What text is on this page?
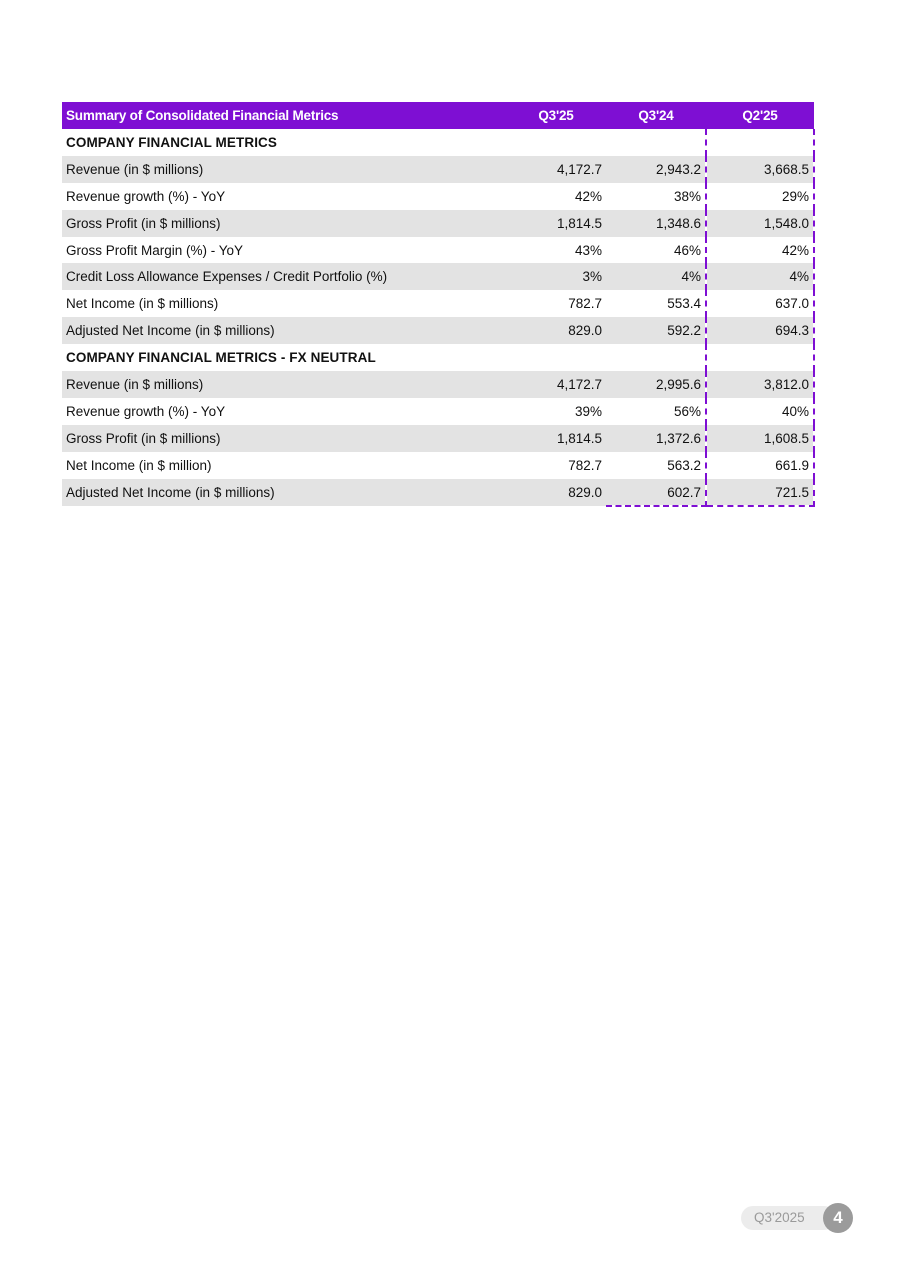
Summary of Consolidated Financial Metrics	Q3'25	Q3'24	Q2'25
COMPANY FINANCIAL METRICS			
Revenue (in $ millions)	4,172.7	2,943.2	3,668.5
Revenue growth (%) - YoY	42%	38%	29%
Gross Profit (in $ millions)	1,814.5	1,348.6	1,548.0
Gross Profit Margin (%) - YoY	43%	46%	42%
Credit Loss Allowance Expenses / Credit Portfolio (%)	3%	4%	4%
Net Income (in $ millions)	782.7	553.4	637.0
Adjusted Net Income (in $ millions)	829.0	592.2	694.3
COMPANY FINANCIAL METRICS - FX NEUTRAL			
Revenue (in $ millions)	4,172.7	2,995.6	3,812.0
Revenue growth (%) - YoY	39%	56%	40%
Gross Profit (in $ millions)	1,814.5	1,372.6	1,608.5
Net Income (in $ million)	782.7	563.2	661.9
Adjusted Net Income (in $ millions)	829.0	602.7	721.5
Q3'2025	4
